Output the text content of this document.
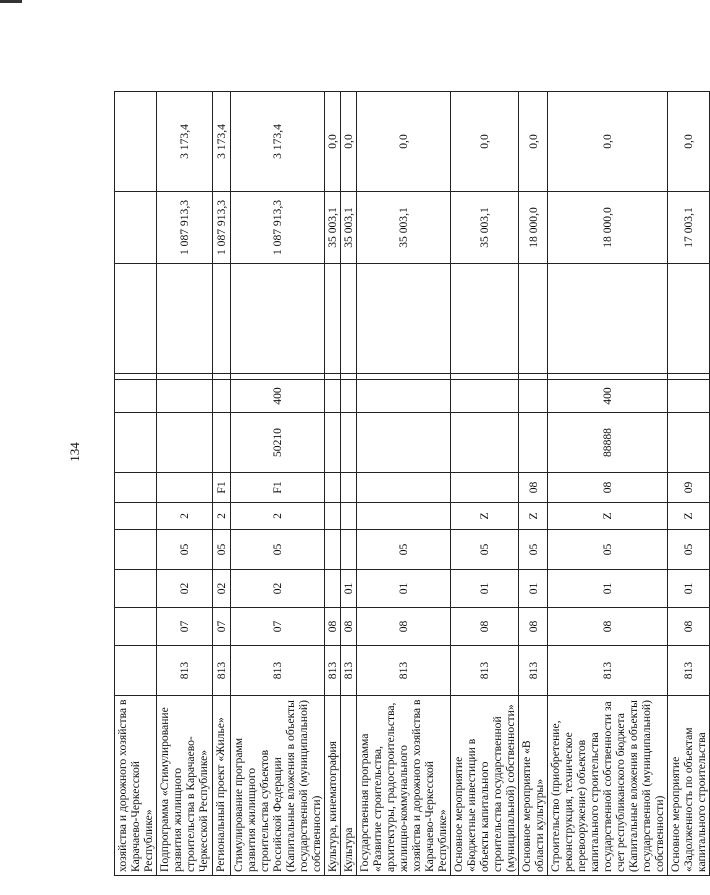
134
хозяйства и дорожного хозяйства в Карачаево-Черкесской Республике»													
Подпрограмма «Стимулирование развития жилищного строительства в Карачаево-Черкесской Республике»	813	07	02	05	2						1 087 913,3	3 173,4	
Региональный проект «Жилье»	813	07	02	05	2	F1					1 087 913,3	3 173,4	
Стимулирование программ развития жилищного строительства субъектов Российской Федерации (Капитальные вложения в объекты государственной (муниципальной) собственности)	813	07	02	05	2	F1	50210	400			1 087 913,3	3 173,4	
Культура, кинематография	813	08									35 003,1	0,0	
Культура	813	08	01								35 003,1	0,0	
Государственная программа «Развитие строительства, архитектуры, градостроительства, жилищно-коммунального хозяйства и дорожного хозяйства в Карачаево-Черкесской Республике»	813	08	01	05							35 003,1	0,0	
Основное мероприятие «Бюджетные инвестиции в объекты капитального строительства государственной (муниципальной) собственности»	813	08	01	05	Z						35 003,1	0,0	
Основное мероприятие «В области культуры»	813	08	01	05	Z	08					18 000,0	0,0	
Строительство (приобретение, реконструкция, техническое перевооружение) объектов капитального строительства государственной собственности за счет республиканского бюджета (Капитальные вложения в объекты государственной (муниципальной) собственности)	813	08	01	05	Z	08	88888	400			18 000,0	0,0	
Основное мероприятие «Задолженность по объектам капитального строительства	813	08	01	05	Z	09					17 003,1	0,0	
